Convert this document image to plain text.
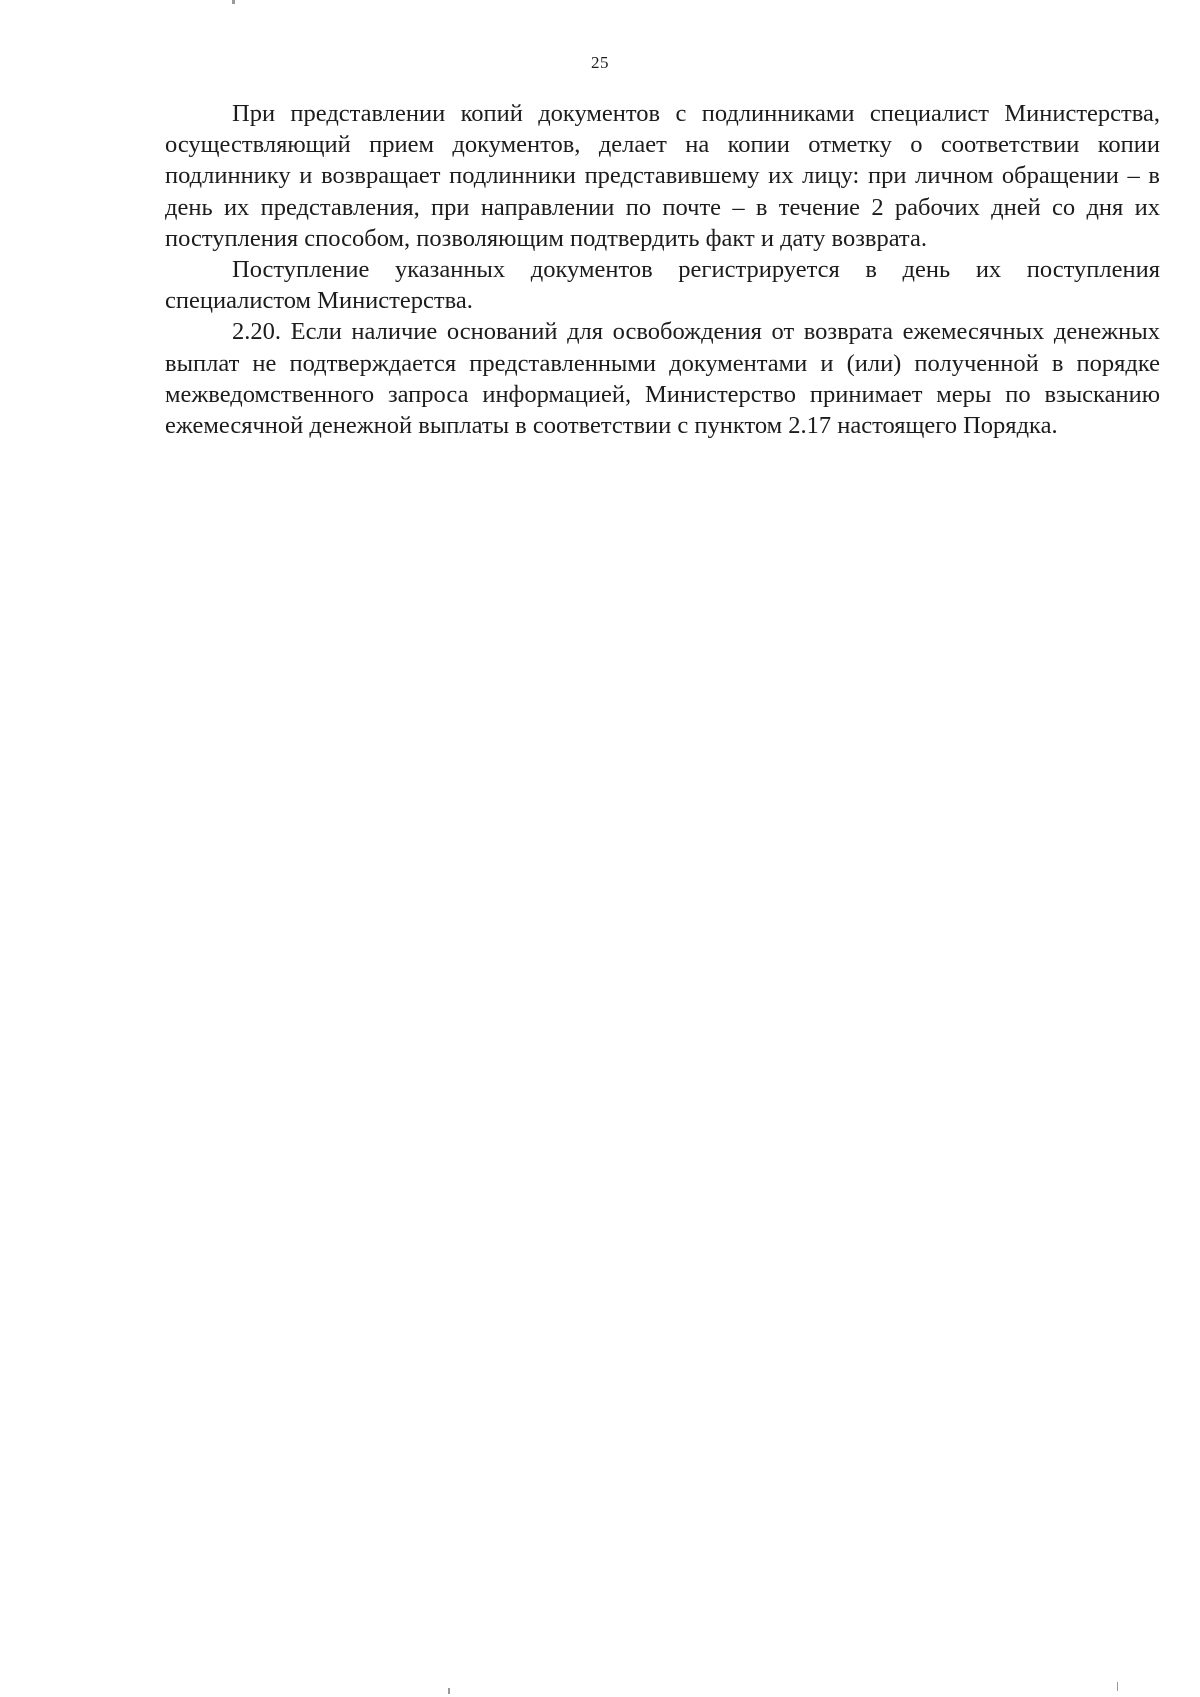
25

При представлении копий документов с подлинниками специалист Министерства, осуществляющий прием документов, делает на копии отметку о соответствии копии подлиннику и возвращает подлинники представившему их лицу: при личном обращении – в день их представления, при направлении по почте – в течение 2 рабочих дней со дня их поступления способом, позволяющим подтвердить факт и дату возврата.

Поступление указанных документов регистрируется в день их поступления специалистом Министерства.

2.20. Если наличие оснований для освобождения от возврата ежемесячных денежных выплат не подтверждается представленными документами и (или) полученной в порядке межведомственного запроса информацией, Министерство принимает меры по взысканию ежемесячной денежной выплаты в соответствии с пунктом 2.17 настоящего Порядка.
